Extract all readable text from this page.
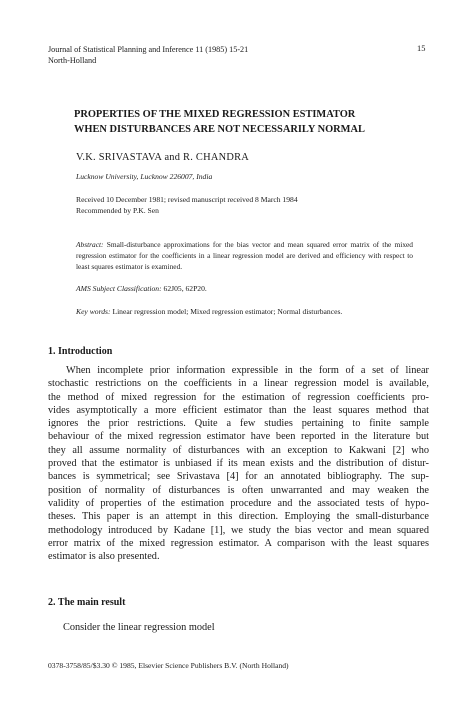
Journal of Statistical Planning and Inference 11 (1985) 15-21
North-Holland
15
PROPERTIES OF THE MIXED REGRESSION ESTIMATOR
WHEN DISTURBANCES ARE NOT NECESSARILY NORMAL
V.K. SRIVASTAVA and R. CHANDRA
Lucknow University, Lucknow 226007, India
Received 10 December 1981; revised manuscript received 8 March 1984
Recommended by P.K. Sen
Abstract: Small-disturbance approximations for the bias vector and mean squared error matrix of the mixed regression estimator for the coefficients in a linear regression model are derived and efficiency with respect to least squares estimator is examined.
AMS Subject Classification: 62J05, 62P20.
Key words: Linear regression model; Mixed regression estimator; Normal disturbances.
1. Introduction
When incomplete prior information expressible in the form of a set of linear
stochastic restrictions on the coefficients in a linear regression model is available,
the method of mixed regression for the estimation of regression coefficients pro-
vides asymptotically a more efficient estimator than the least squares method that
ignores the prior restrictions. Quite a few studies pertaining to finite sample
behaviour of the mixed regression estimator have been reported in the literature but
they all assume normality of disturbances with an exception to Kakwani [2] who
proved that the estimator is unbiased if its mean exists and the distribution of distur-
bances is symmetrical; see Srivastava [4] for an annotated bibliography. The sup-
position of normality of disturbances is often unwarranted and may weaken the
validity of properties of the estimation procedure and the associated tests of hypo-
theses. This paper is an attempt in this direction. Employing the small-disturbance
methodology introduced by Kadane [1], we study the bias vector and mean squared
error matrix of the mixed regression estimator. A comparison with the least squares
estimator is also presented.
2. The main result
Consider the linear regression model
0378-3758/85/$3.30 © 1985, Elsevier Science Publishers B.V. (North Holland)
